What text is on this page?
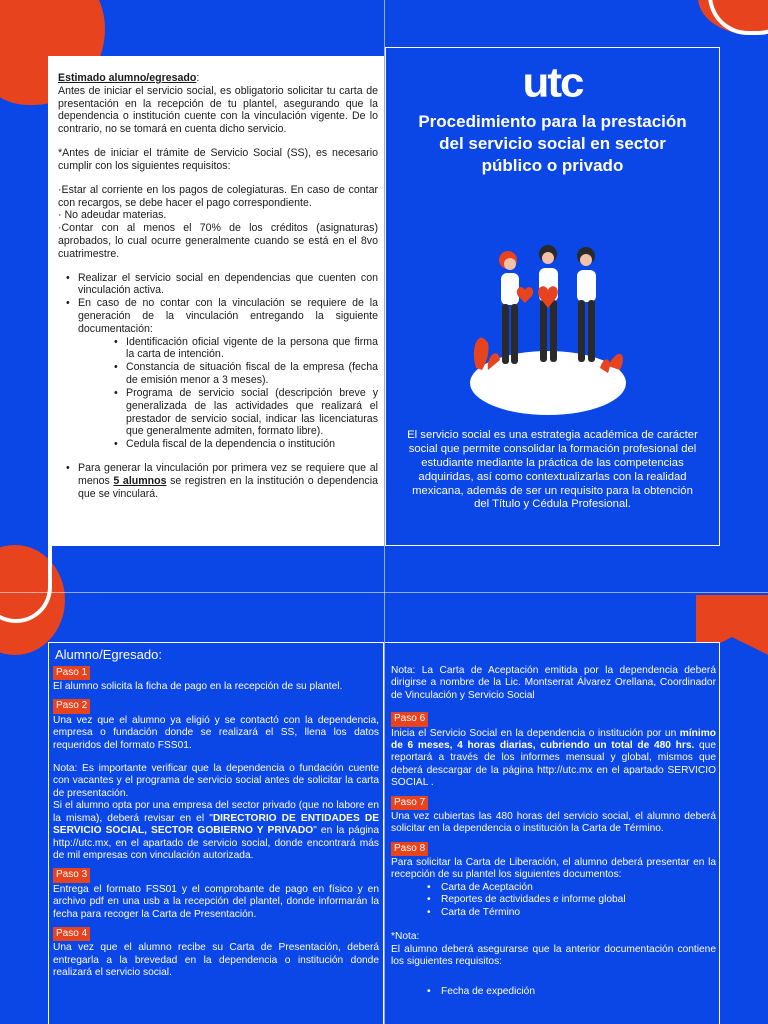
Estimado alumno/egresado:

Antes de iniciar el servicio social, es obligatorio solicitar tu carta de presentación en la recepción de tu plantel, asegurando que la dependencia o institución cuente con la vinculación vigente. De lo contrario, no se tomará en cuenta dicho servicio.

*Antes de iniciar el trámite de Servicio Social (SS), es necesario cumplir con los siguientes requisitos:

·Estar al corriente en los pagos de colegiaturas. En caso de contar con recargos, se debe hacer el pago correspondiente.

· No adeudar materias.

·Contar con al menos el 70% de los créditos (asignaturas) aprobados, lo cual ocurre generalmente cuando se está en el 8vo cuatrimestre.

• Realizar el servicio social en dependencias que cuenten con vinculación activa.
• En caso de no contar con la vinculación se requiere de la generación de la vinculación entregando la siguiente documentación:
• Identificación oficial vigente de la persona que firma la carta de intención.
• Constancia de situación fiscal de la empresa (fecha de emisión menor a 3 meses).
• Programa de servicio social (descripción breve y generalizada de las actividades que realizará el prestador de servicio social, indicar las licenciaturas que generalmente admiten, formato libre).
• Cedula fiscal de la dependencia o institución
• Para generar la vinculación por primera vez se requiere que al menos 5 alumnos se registren en la institución o dependencia que se vinculará.
utc
Procedimiento para la prestación del servicio social en sector público o privado
El servicio social es una estrategia académica de carácter social que permite consolidar la formación profesional del estudiante mediante la práctica de las competencias adquiridas, así como contextualizarlas con la realidad mexicana, además de ser un requisito para la obtención del Título y Cédula Profesional.
Alumno/Egresado:
Paso 1

El alumno solicita la ficha de pago en la recepción de su plantel.

Paso 2

Una vez que el alumno ya eligió y se contactó con la dependencia, empresa o fundación donde se realizará el SS, llena los datos requeridos del formato FSS01.

Nota: Es importante verificar que la dependencia o fundación cuente con vacantes y el programa de servicio social antes de solicitar la carta de presentación.

Si el alumno opta por una empresa del sector privado (que no labore en la misma), deberá revisar en el "DIRECTORIO DE ENTIDADES DE SERVICIO SOCIAL, SECTOR GOBIERNO Y PRIVADO" en la página http://utc.mx, en el apartado de servicio social, donde encontrará más de mil empresas con vinculación autorizada.

Paso 3

Entrega el formato FSS01 y el comprobante de pago en físico y en archivo pdf en una usb a la recepción del plantel, donde informarán la fecha para recoger la Carta de Presentación.

Paso 4

Una vez que el alumno recibe su Carta de Presentación, deberá entregarla a la brevedad en la dependencia o institución donde realizará el servicio social.

Nota: La Carta de Aceptación emitida por la dependencia deberá dirigirse a nombre de la Lic. Montserrat Álvarez Orellana, Coordinador de Vinculación y Servicio Social

Paso 6

Inicia el Servicio Social en la dependencia o institución por un mínimo de 6 meses, 4 horas diarias, cubriendo un total de 480 hrs. que reportará a través de los informes mensual y global, mismos que deberá descargar de la página http://utc.mx en el apartado SERVICIO SOCIAL .

Paso 7

Una vez cubiertas las 480 horas del servicio social, el alumno deberá solicitar en la dependencia o institución la Carta de Término.

Paso 8

Para solicitar la Carta de Liberación, el alumno deberá presentar en la recepción de su plantel los siguientes documentos:

• Carta de Aceptación
• Reportes de actividades e informe global
• Carta de Término

*Nota:

El alumno deberá asegurarse que la anterior documentación contiene los siguientes requisitos:

• Fecha de expedición
